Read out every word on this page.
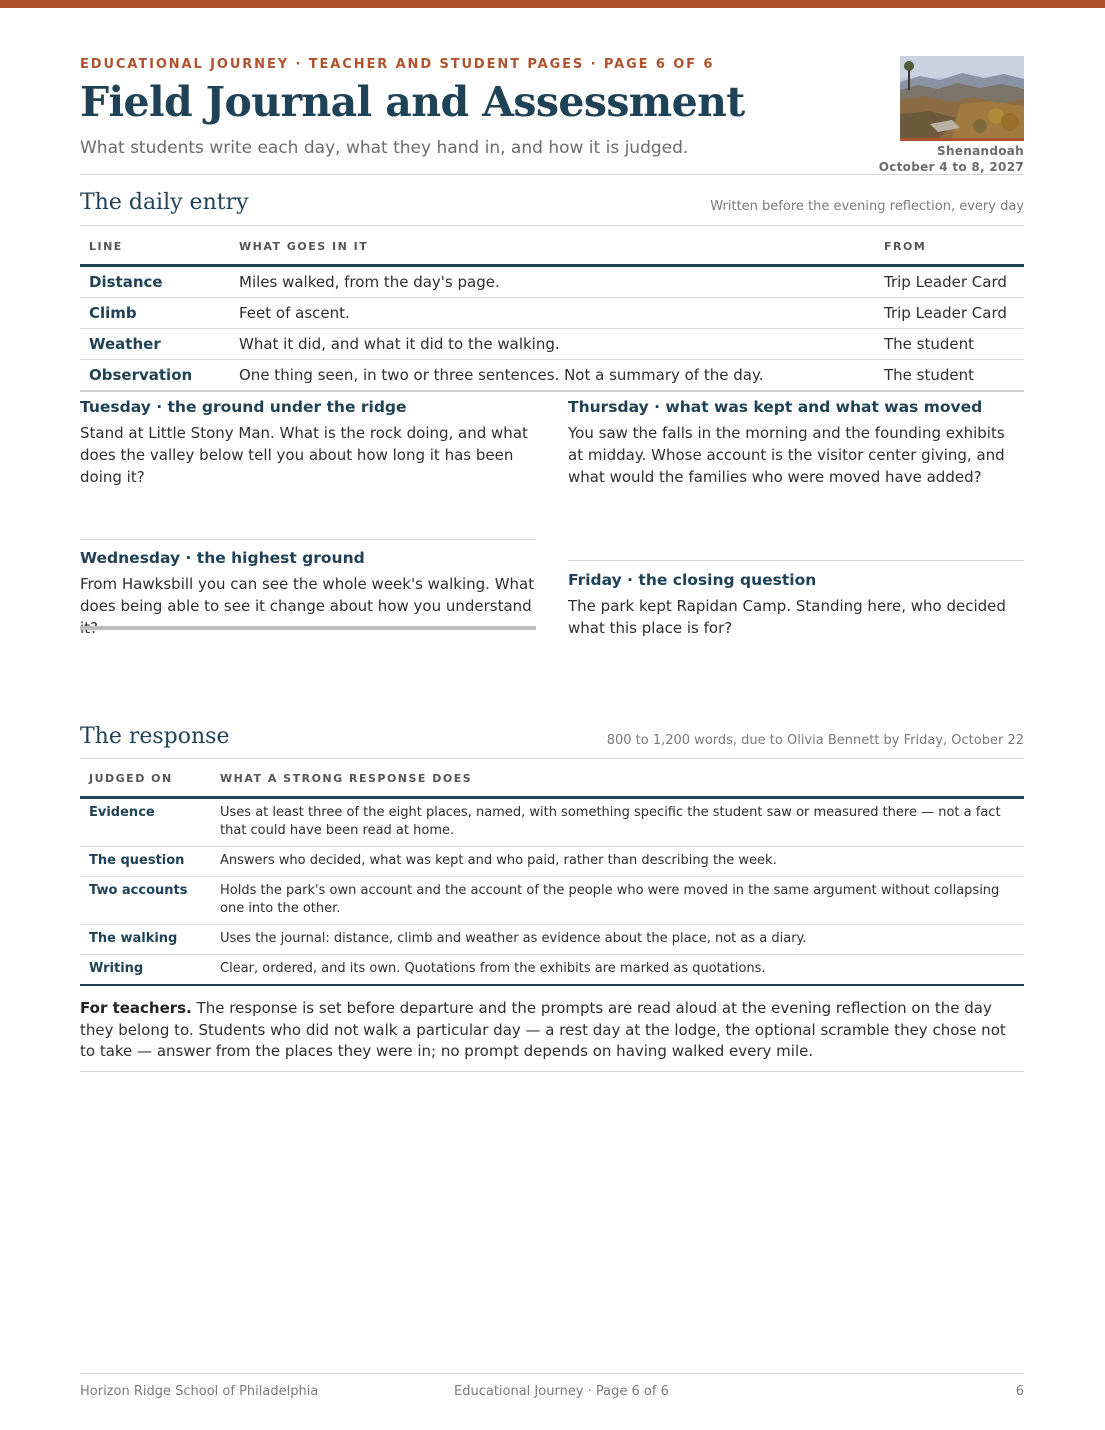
EDUCATIONAL JOURNEY · TEACHER AND STUDENT PAGES · PAGE 6 OF 6
Field Journal and Assessment
What students write each day, what they hand in, and how it is judged.	Shenandoah
October 4 to 8, 2027
The daily entry	Written before the evening reflection, every day
LINE	WHAT GOES IN IT	FROM
Distance	Miles walked, from the day's page.	Trip Leader Card
Climb	Feet of ascent.	Trip Leader Card
Weather	What it did, and what it did to the walking.	The student
Observation	One thing seen, in two or three sentences. Not a summary of the day.	The student
Tuesday · the ground under the ridge

Stand at Little Stony Man. What is the rock doing, and what does the valley below tell you about how long it has been doing it?

Wednesday · the highest ground

From Hawksbill you can see the whole week's walking. What does being able to see it change about how you understand it?

Thursday · what was kept and what was moved

You saw the falls in the morning and the founding exhibits at midday. Whose account is the visitor center giving, and what would the families who were moved have added?

Friday · the closing question

The park kept Rapidan Camp. Standing here, who decided what this place is for?

The response	800 to 1,200 words, due to Olivia Bennett by Friday, October 22
JUDGED ON	WHAT A STRONG RESPONSE DOES
Evidence	Uses at least three of the eight places, named, with something specific the student saw or measured there — not a fact that could have been read at home.
The question	Answers who decided, what was kept and who paid, rather than describing the week.
Two accounts	Holds the park's own account and the account of the people who were moved in the same argument without collapsing one into the other.
The walking	Uses the journal: distance, climb and weather as evidence about the place, not as a diary.
Writing	Clear, ordered, and its own. Quotations from the exhibits are marked as quotations.
For teachers. The response is set before departure and the prompts are read aloud at the evening reflection on the day they belong to. Students who did not walk a particular day — a rest day at the lodge, the optional scramble they chose not to take — answer from the places they were in; no prompt depends on having walked every mile.
Horizon Ridge School of Philadelphia	Educational Journey · Page 6 of 6	6
